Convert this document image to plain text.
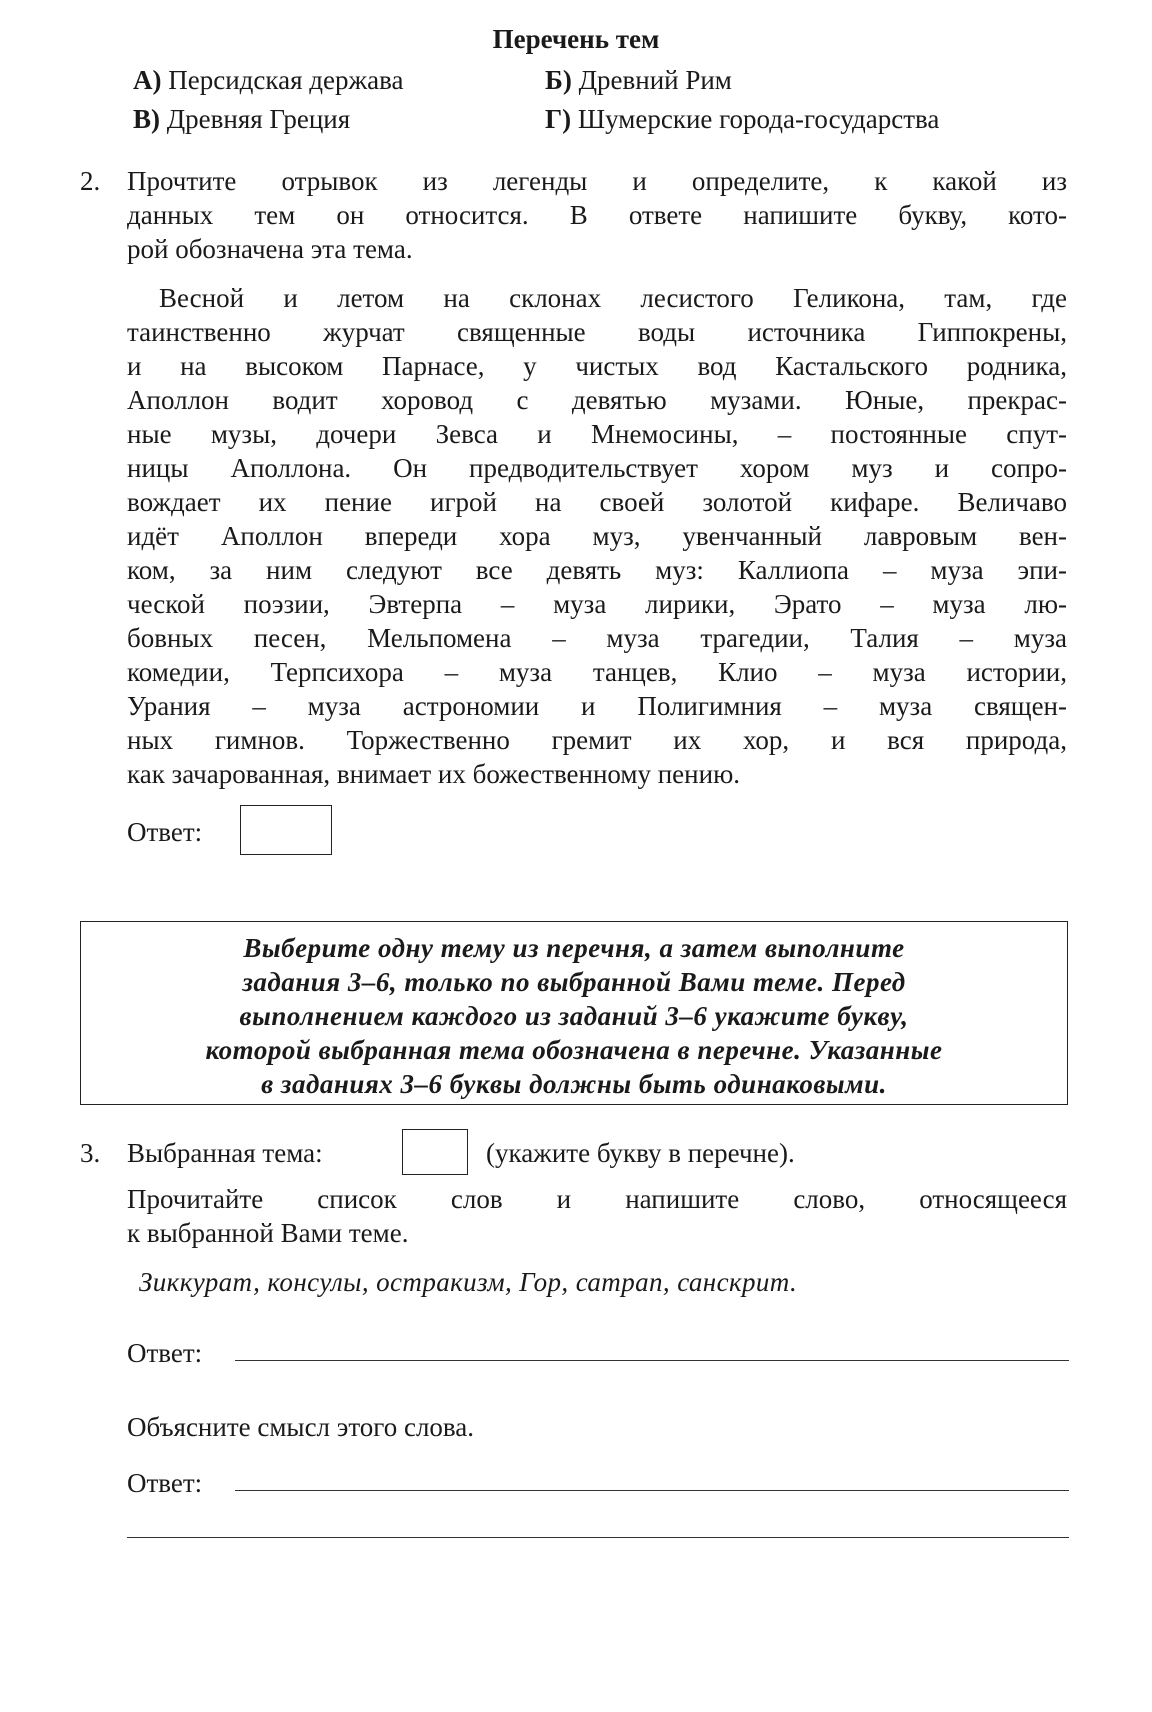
Перечень тем
А) Персидская держава	Б) Древний Рим
В) Древняя Греция	Г) Шумерские города-государства
2. Прочтите отрывок из легенды и определите, к какой из
данных тем он относится. В ответе напишите букву, кото-
рой обозначена эта тема.
Весной и летом на склонах лесистого Геликона, там, где
таинственно журчат священные воды источника Гиппокрены,
и на высоком Парнасе, у чистых вод Кастальского родника,
Аполлон водит хоровод с девятью музами. Юные, прекрас-
ные музы, дочери Зевса и Мнемосины, – постоянные спут-
ницы Аполлона. Он предводительствует хором муз и сопро-
вождает их пение игрой на своей золотой кифаре. Величаво
идёт Аполлон впереди хора муз, увенчанный лавровым вен-
ком, за ним следуют все девять муз: Каллиопа – муза эпи-
ческой поэзии, Эвтерпа – муза лирики, Эрато – муза лю-
бовных песен, Мельпомена – муза трагедии, Талия – муза
комедии, Терпсихора – муза танцев, Клио – муза истории,
Урания – муза астрономии и Полигимния – муза священ-
ных гимнов. Торжественно гремит их хор, и вся природа,
как зачарованная, внимает их божественному пению.
Ответ:
Выберите одну тему из перечня, а затем выполните
задания 3–6, только по выбранной Вами теме. Перед
выполнением каждого из заданий 3–6 укажите букву,
которой выбранная тема обозначена в перечне. Указанные
в заданиях 3–6 буквы должны быть одинаковыми.
3. Выбранная тема:	(укажите букву в перечне).
Прочитайте список слов и напишите слово, относящееся
к выбранной Вами теме.
Зиккурат, консулы, остракизм, Гор, сатрап, санскрит.
Ответ:
Объясните смысл этого слова.
Ответ:
